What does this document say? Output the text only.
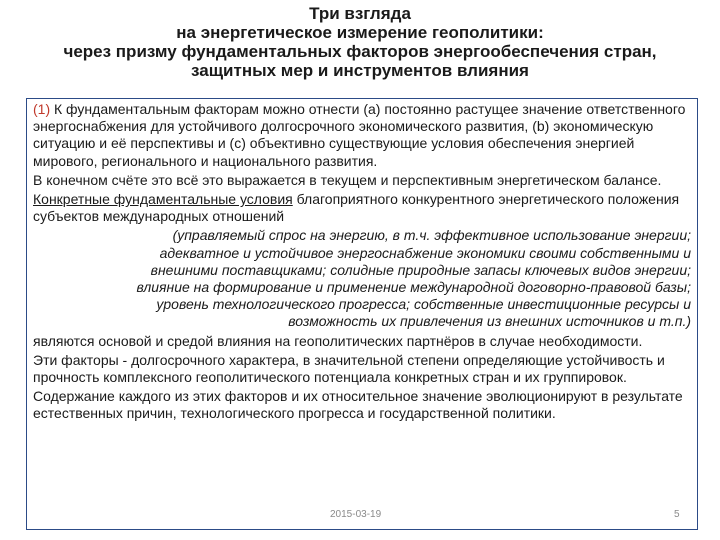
Три взгляда
на энергетическое измерение геополитики:
через призму фундаментальных факторов энергообеспечения стран,
защитных мер и инструментов влияния

(1) К фундаментальным факторам можно отнести (a) постоянно растущее значение ответственного энергоснабжения для устойчивого долгосрочного экономического развития, (b) экономическую ситуацию и её перспективы и (c) объективно существующие условия обеспечения энергией мирового, регионального и национального развития.

В конечном счёте это всё это выражается в текущем и перспективным энергетическом балансе.

Конкретные фундаментальные условия благоприятного конкурентного энергетического положения субъектов международных отношений

(управляемый спрос на энергию, в т.ч. эффективное использование энергии;
адекватное и устойчивое энергоснабжение экономики своими собственными и
внешними поставщиками; солидные природные запасы ключевых видов энергии;
влияние на формирование и применение международной договорно-правовой базы;
уровень технологического прогресса; собственные инвестиционные ресурсы и
возможность их привлечения из внешних источников и т.п.)

являются основой и средой влияния на геополитических партнёров в случае необходимости.

Эти факторы - долгосрочного характера, в значительной степени определяющие устойчивость и прочность комплексного геополитического потенциала конкретных стран и их группировок.

Содержание каждого из этих факторов и их относительное значение эволюционируют в результате естественных причин, технологического прогресса и государственной политики.

2015-03-19	5
